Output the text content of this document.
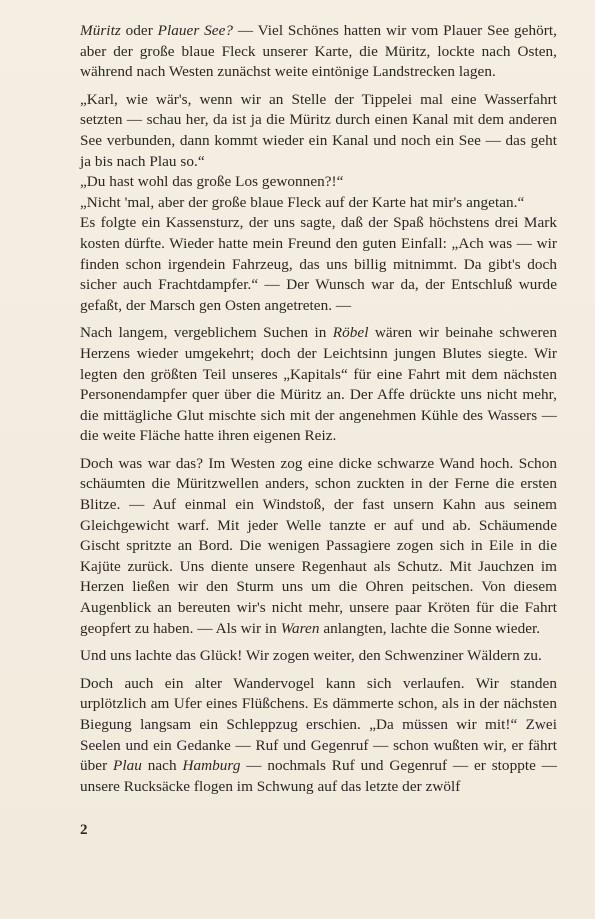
Müritz oder Plauer See? — Viel Schönes hatten wir vom Plauer See gehört, aber der große blaue Fleck unserer Karte, die Müritz, lockte nach Osten, während nach Westen zunächst weite eintönige Landstrecken lagen.

„Karl, wie wär's, wenn wir an Stelle der Tippelei mal eine Wasserfahrt setzten — schau her, da ist ja die Müritz durch einen Kanal mit dem anderen See verbunden, dann kommt wieder ein Kanal und noch ein See — das geht ja bis nach Plau so.“

„Du hast wohl das große Los gewonnen?!“

„Nicht 'mal, aber der große blaue Fleck auf der Karte hat mir's angetan.“

Es folgte ein Kassensturz, der uns sagte, daß der Spaß höchstens drei Mark kosten dürfte. Wieder hatte mein Freund den guten Einfall: „Ach was — wir finden schon irgendein Fahrzeug, das uns billig mitnimmt. Da gibt's doch sicher auch Frachtdampfer.“ — Der Wunsch war da, der Entschluß wurde gefaßt, der Marsch gen Osten angetreten. —

Nach langem, vergeblichem Suchen in Röbel wären wir beinahe schweren Herzens wieder umgekehrt; doch der Leichtsinn jungen Blutes siegte. Wir legten den größten Teil unseres „Kapitals“ für eine Fahrt mit dem nächsten Personendampfer quer über die Müritz an. Der Affe drückte uns nicht mehr, die mittägliche Glut mischte sich mit der angenehmen Kühle des Wassers — die weite Fläche hatte ihren eigenen Reiz.

Doch was war das? Im Westen zog eine dicke schwarze Wand hoch. Schon schäumten die Müritzwellen anders, schon zuckten in der Ferne die ersten Blitze. — Auf einmal ein Windstoß, der fast unsern Kahn aus seinem Gleichgewicht warf. Mit jeder Welle tanzte er auf und ab. Schäumende Gischt spritzte an Bord. Die wenigen Passagiere zogen sich in Eile in die Kajüte zurück. Uns diente unsere Regenhaut als Schutz. Mit Jauchzen im Herzen ließen wir den Sturm uns um die Ohren peitschen. Von diesem Augenblick an bereuten wir's nicht mehr, unsere paar Kröten für die Fahrt geopfert zu haben. — Als wir in Waren anlangten, lachte die Sonne wieder.

Und uns lachte das Glück! Wir zogen weiter, den Schwenziner Wäldern zu.

Doch auch ein alter Wandervogel kann sich verlaufen. Wir standen urplötzlich am Ufer eines Flüßchens. Es dämmerte schon, als in der nächsten Biegung langsam ein Schleppzug erschien. „Da müssen wir mit!“ Zwei Seelen und ein Gedanke — Ruf und Gegenruf — schon wußten wir, er fährt über Plau nach Hamburg — nochmals Ruf und Gegenruf — er stoppte — unsere Rucksäcke flogen im Schwung auf das letzte der zwölf

2
